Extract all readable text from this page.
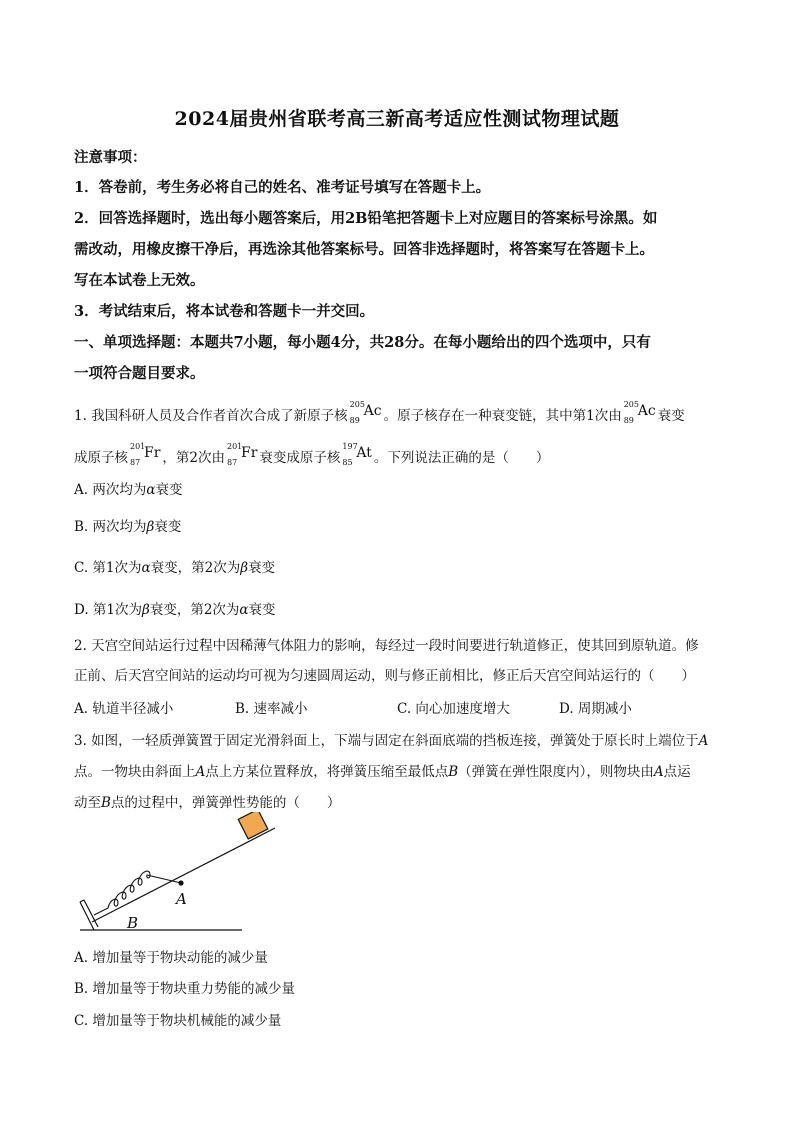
2024届贵州省联考高三新高考适应性测试物理试题
注意事项：
1．答卷前，考生务必将自己的姓名、准考证号填写在答题卡上。
2．回答选择题时，选出每小题答案后，用2B铅笔把答题卡上对应题目的答案标号涂黑。如
需改动，用橡皮擦干净后，再选涂其他答案标号。回答非选择题时，将答案写在答题卡上。
写在本试卷上无效。
3．考试结束后，将本试卷和答题卡一并交回。
一、单项选择题：本题共7小题，每小题4分，共28分。在每小题给出的四个选项中，只有
一项符合题目要求。
1. 我国科研人员及合作者首次合成了新原子核
205
89
Ac 。原子核存在一种衰变链，其中第1次由
205
89
Ac 衰变
成原子核
201
87
Fr ，第2次由
201
87
Fr 衰变成原子核
197
85
At 。下列说法正确的是（　　）
A. 两次均为α衰变
B. 两次均为β衰变
C. 第1次为α衰变，第2次为β衰变
D. 第1次为β衰变，第2次为α衰变
2. 天宫空间站运行过程中因稀薄气体阻力的影响，每经过一段时间要进行轨道修正，使其回到原轨道。修
正前、后天宫空间站的运动均可视为匀速圆周运动，则与修正前相比，修正后天宫空间站运行的（　　）
A. 轨道半径减小	B. 速率减小	C. 向心加速度增大	D. 周期减小
3. 如图，一轻质弹簧置于固定光滑斜面上，下端与固定在斜面底端的挡板连接，弹簧处于原长时上端位于A
点。一物块由斜面上A点上方某位置释放，将弹簧压缩至最低点B（弹簧在弹性限度内），则物块由A点运
动至B点的过程中，弹簧弹性势能的（　　）
A
B
A. 增加量等于物块动能的减少量
B. 增加量等于物块重力势能的减少量
C. 增加量等于物块机械能的减少量
